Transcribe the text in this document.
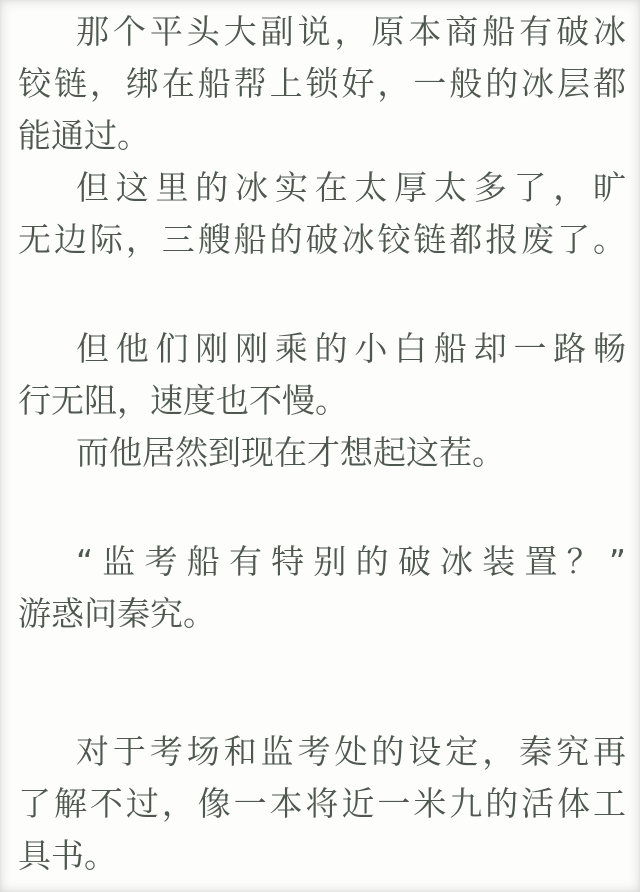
那个平头大副说，原本商船有破冰
铰链，绑在船帮上锁好，一般的冰层都
能通过。
但这里的冰实在太厚太多了，旷
无边际，三艘船的破冰铰链都报废了。
但他们刚刚乘的小白船却一路畅
行无阻，速度也不慢。
而他居然到现在才想起这茬。
“监考船有特别的破冰装置？”
游惑问秦究。
对于考场和监考处的设定，秦究再
了解不过，像一本将近一米九的活体工
具书。
